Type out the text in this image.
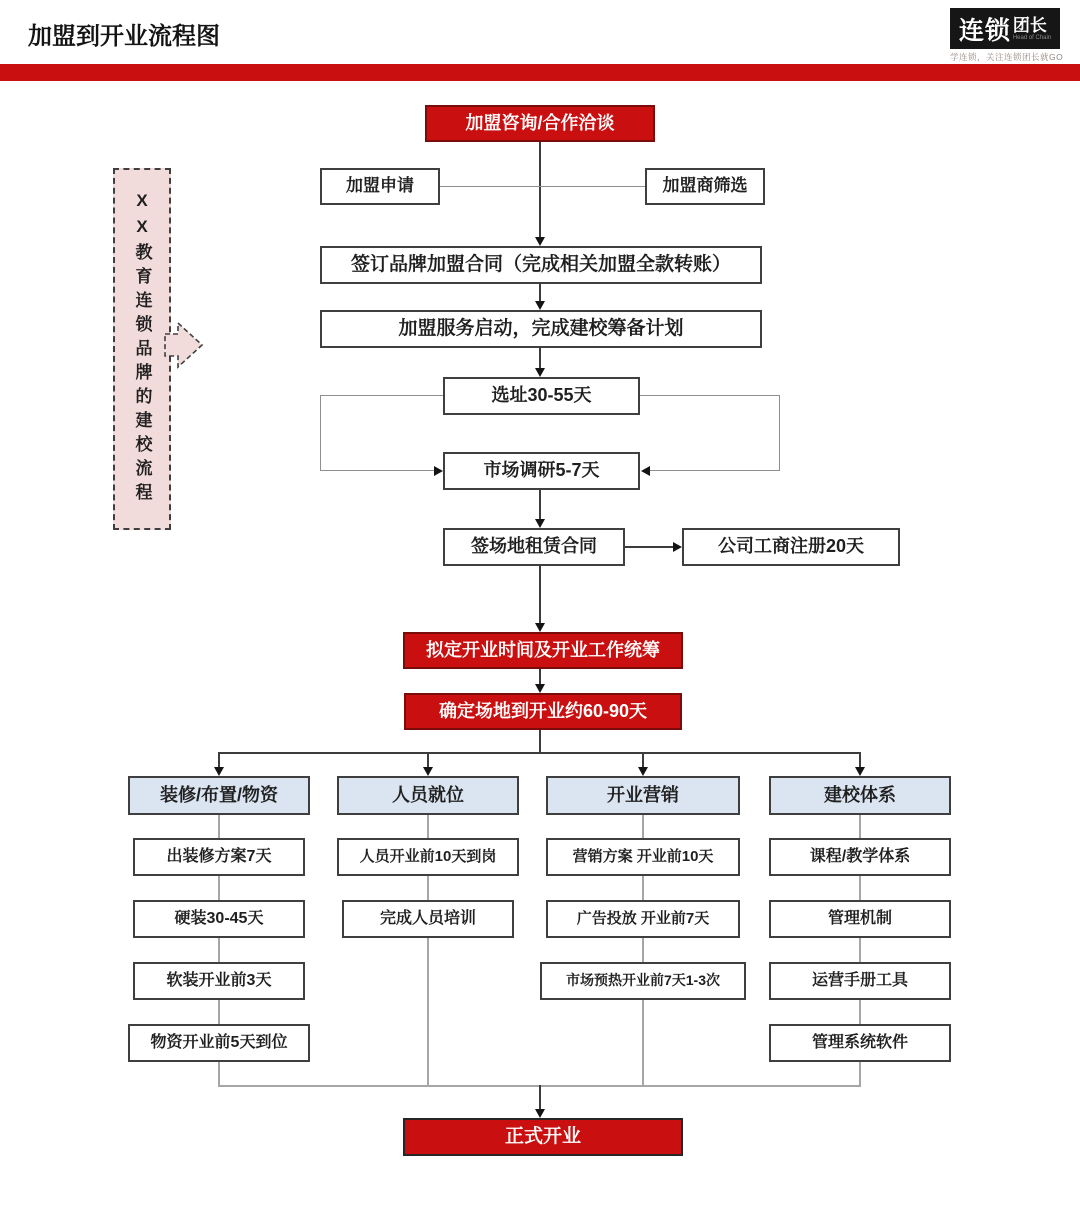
加盟到开业流程图	连锁 团长
Head of Chain
学连锁，关注连锁团长就GO
XX教育连锁品牌的建校流程
加盟咨询/合作洽谈
加盟申请	加盟商筛选
签订品牌加盟合同（完成相关加盟全款转账）
加盟服务启动，完成建校筹备计划
选址30-55天
市场调研5-7天
签场地租赁合同	公司工商注册20天
拟定开业时间及开业工作统筹
确定场地到开业约60-90天
装修/布置/物资	人员就位	开业营销	建校体系
出装修方案7天
硬装30-45天
软装开业前3天
物资开业前5天到位
人员开业前10天到岗
完成人员培训
营销方案 开业前10天
广告投放 开业前7天
市场预热开业前7天1-3次
课程/教学体系
管理机制
运营手册工具
管理系统软件
正式开业
